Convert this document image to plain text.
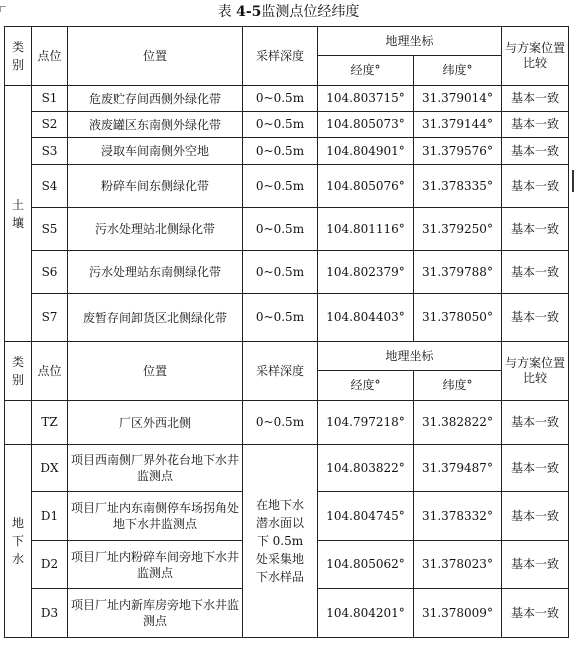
表 4-5监测点位经纬度
类别	点位	位置	采样深度	地理坐标		与方案位置比较
				经度°	纬度°	
土壤	S1	危废贮存间西侧外绿化带	0~0.5m	104.803715°	31.379014°	基本一致
	S2	液废罐区东南侧外绿化带	0~0.5m	104.805073°	31.379144°	基本一致
	S3	浸取车间南侧外空地	0~0.5m	104.804901°	31.379576°	基本一致
	S4	粉碎车间东侧绿化带	0~0.5m	104.805076°	31.378335°	基本一致
	S5	污水处理站北侧绿化带	0~0.5m	104.801116°	31.379250°	基本一致
	S6	污水处理站东南侧绿化带	0~0.5m	104.802379°	31.379788°	基本一致
	S7	废暂存间卸货区北侧绿化带	0~0.5m	104.804403°	31.378050°	基本一致
类别	点位	位置	采样深度	地理坐标		与方案位置比较
				经度°	纬度°	
	TZ	厂区外西北侧	0~0.5m	104.797218°	31.382822°	基本一致
地下水	DX	项目西南侧厂界外花台地下水井监测点	在地下水潜水面以下 0.5m处采集地下水样品	104.803822°	31.379487°	基本一致
	D1	项目厂址内东南侧停车场拐角处地下水井监测点		104.804745°	31.378332°	基本一致
	D2	项目厂址内粉碎车间旁地下水井监测点		104.805062°	31.378023°	基本一致
	D3	项目厂址内新库房旁地下水井监测点		104.804201°	31.378009°	基本一致
